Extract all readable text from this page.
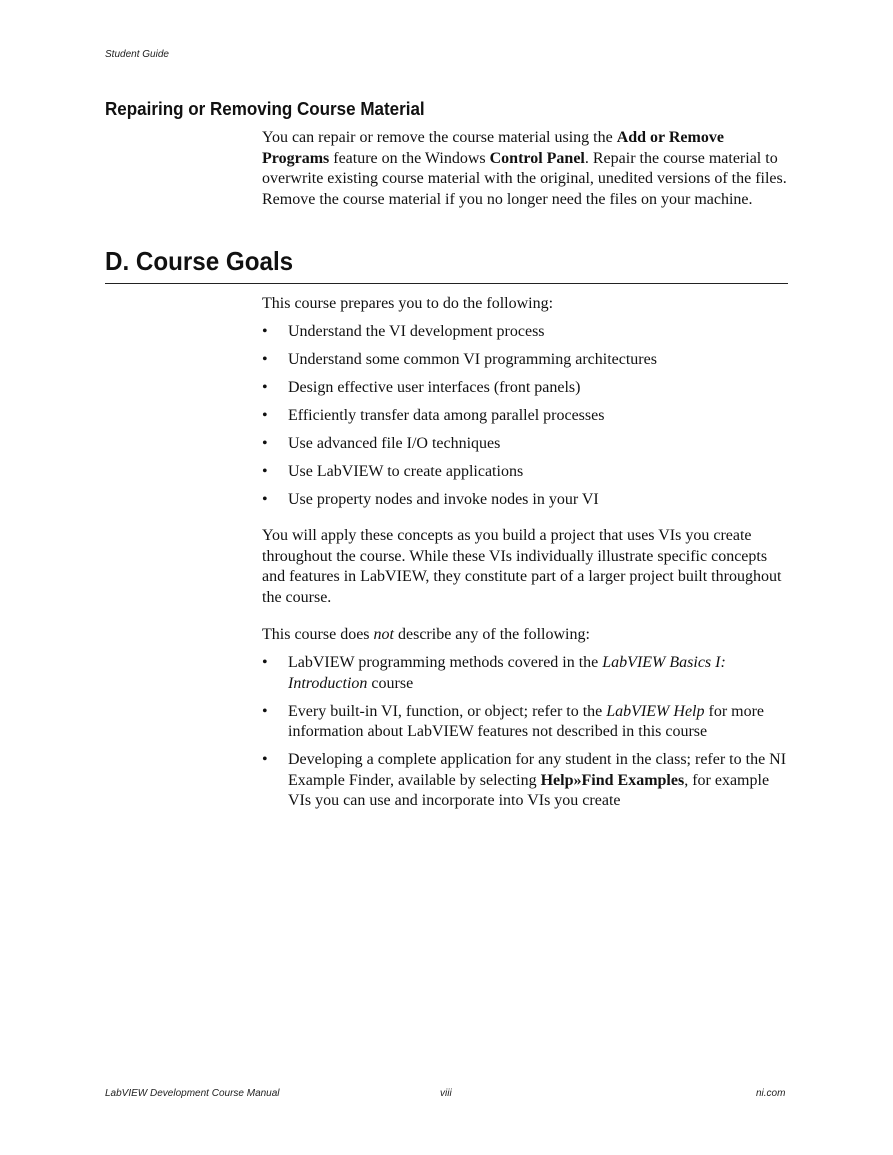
Student Guide
Repairing or Removing Course Material

You can repair or remove the course material using the Add or Remove Programs feature on the Windows Control Panel. Repair the course material to overwrite existing course material with the original, unedited versions of the files. Remove the course material if you no longer need the files on your machine.

D. Course Goals

This course prepares you to do the following:

• Understand the VI development process
• Understand some common VI programming architectures
• Design effective user interfaces (front panels)
• Efficiently transfer data among parallel processes
• Use advanced file I/O techniques
• Use LabVIEW to create applications
• Use property nodes and invoke nodes in your VI

You will apply these concepts as you build a project that uses VIs you create throughout the course. While these VIs individually illustrate specific concepts and features in LabVIEW, they constitute part of a larger project built throughout the course.

This course does not describe any of the following:

• LabVIEW programming methods covered in the LabVIEW Basics I: Introduction course
• Every built-in VI, function, or object; refer to the LabVIEW Help for more information about LabVIEW features not described in this course
• Developing a complete application for any student in the class; refer to the NI Example Finder, available by selecting Help»Find Examples, for example VIs you can use and incorporate into VIs you create
LabVIEW Development Course Manual	viii	ni.com
